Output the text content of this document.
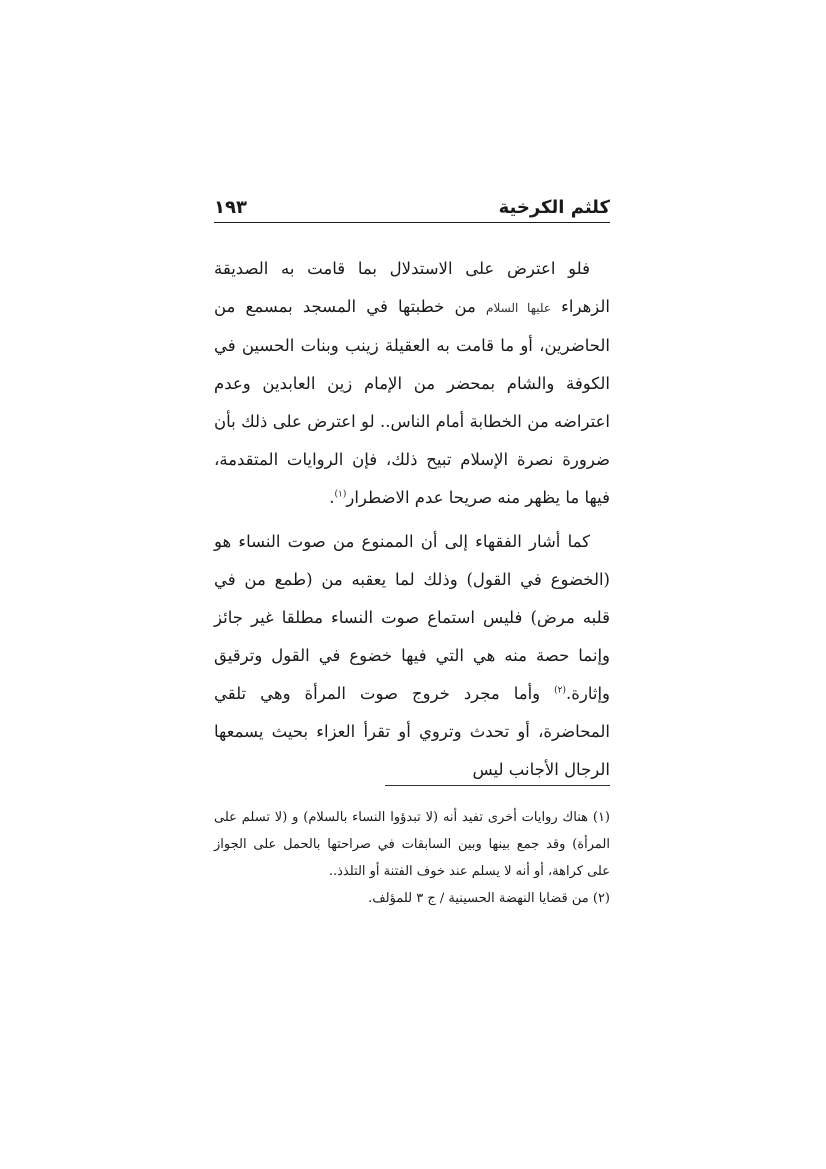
كلثم الكرخية
١٩٣

فلو اعترض على الاستدلال بما قامت به الصديقة الزهراء عليها السلام من خطبتها في المسجد بمسمع من الحاضرين، أو ما قامت به العقيلة زينب وبنات الحسين في الكوفة والشام بمحضر من الإمام زين العابدين وعدم اعتراضه من الخطابة أمام الناس.. لو اعترض على ذلك بأن ضرورة نصرة الإسلام تبيح ذلك، فإن الروايات المتقدمة، فيها ما يظهر منه صريحا عدم الاضطرار$^{(١)}$.

كما أشار الفقهاء إلى أن الممنوع من صوت النساء هو (الخضوع في القول) وذلك لما يعقبه من (طمع من في قلبه مرض) فليس استماع صوت النساء مطلقا غير جائز وإنما حصة منه هي التي فيها خضوع في القول وترقيق وإثارة.$^{(٢)}$ وأما مجرد خروج صوت المرأة وهي تلقي المحاضرة، أو تحدث وتروي أو تقرأ العزاء بحيث يسمعها الرجال الأجانب ليس

(١) هناك روايات أخرى تفيد أنه (لا تبدؤوا النساء بالسلام) و (لا تسلم على المرأة) وقد جمع بينها وبين السابقات في صراحتها بالحمل على الجواز على كراهة، أو أنه لا يسلم عند خوف الفتنة أو التلذذ..

(٢) من قضايا النهضة الحسينية / ج ٣ للمؤلف.
